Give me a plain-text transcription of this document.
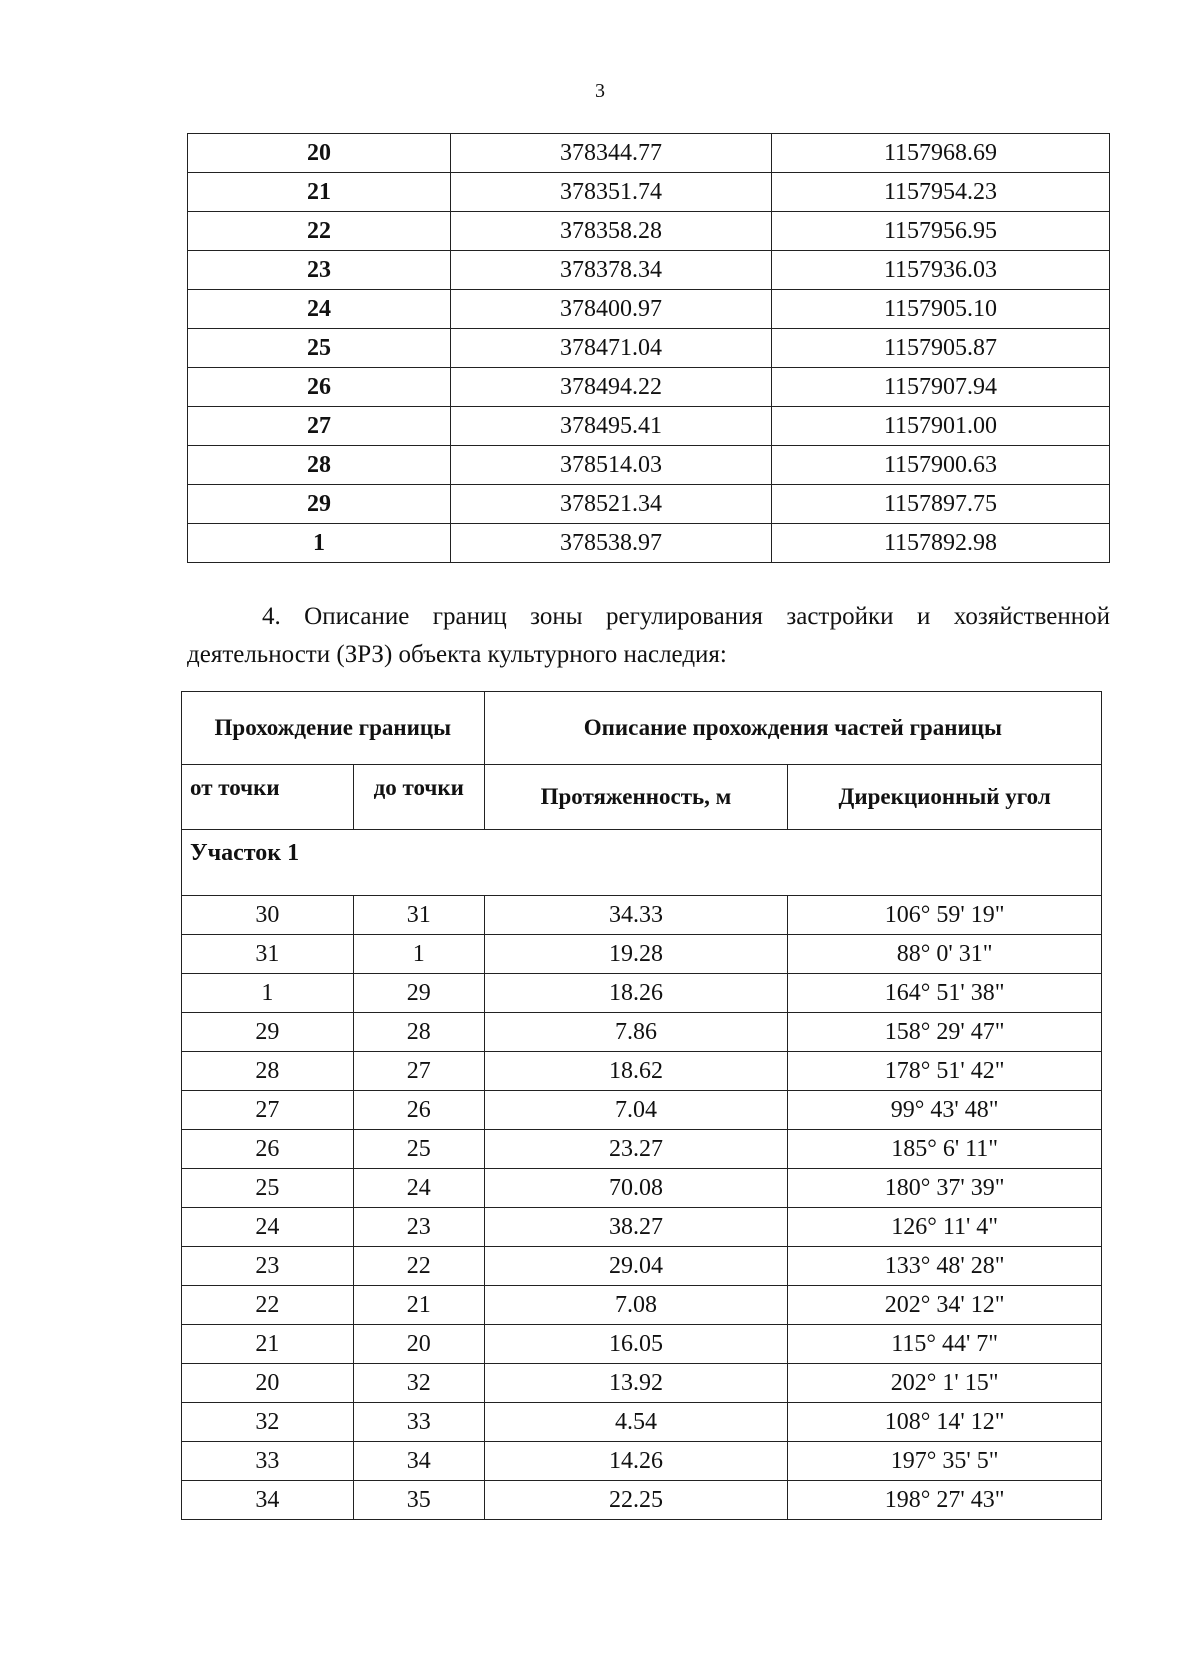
3
20	378344.77	1157968.69
21	378351.74	1157954.23
22	378358.28	1157956.95
23	378378.34	1157936.03
24	378400.97	1157905.10
25	378471.04	1157905.87
26	378494.22	1157907.94
27	378495.41	1157901.00
28	378514.03	1157900.63
29	378521.34	1157897.75
1	378538.97	1157892.98
4. Описание границ зоны регулирования застройки и хозяйственной деятельности (ЗРЗ) объекта культурного наследия:
Прохождение границы		Описание прохождения частей границы	
от точки	до точки	Протяженность, м	Дирекционный угол
Участок 1			
30	31	34.33	106° 59' 19"
31	1	19.28	88° 0' 31"
1	29	18.26	164° 51' 38"
29	28	7.86	158° 29' 47"
28	27	18.62	178° 51' 42"
27	26	7.04	99° 43' 48"
26	25	23.27	185° 6' 11"
25	24	70.08	180° 37' 39"
24	23	38.27	126° 11' 4"
23	22	29.04	133° 48' 28"
22	21	7.08	202° 34' 12"
21	20	16.05	115° 44' 7"
20	32	13.92	202° 1' 15"
32	33	4.54	108° 14' 12"
33	34	14.26	197° 35' 5"
34	35	22.25	198° 27' 43"
